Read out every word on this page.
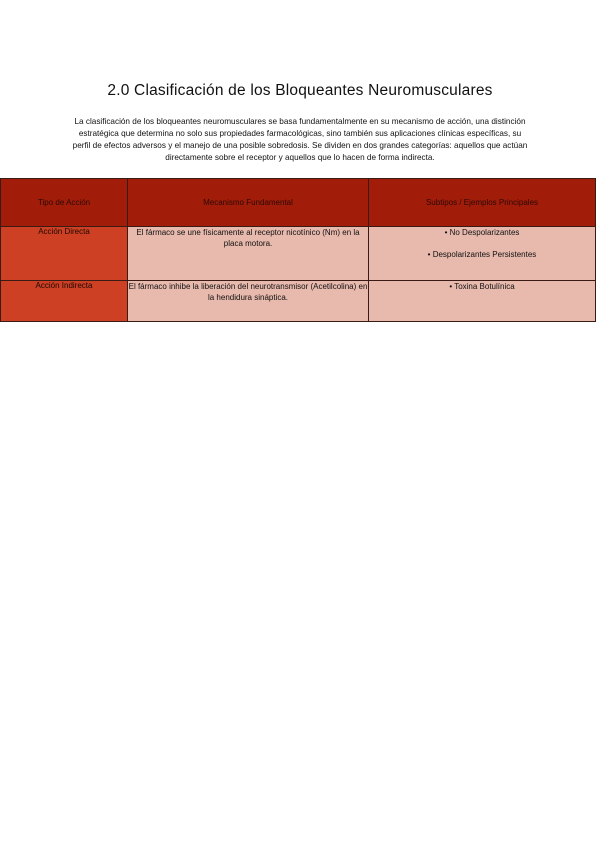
2.0 Clasificación de los Bloqueantes Neuromusculares

La clasificación de los bloqueantes neuromusculares se basa fundamentalmente en su mecanismo de acción, una distinción estratégica que determina no solo sus propiedades farmacológicas, sino también sus aplicaciones clínicas específicas, su perfil de efectos adversos y el manejo de una posible sobredosis. Se dividen en dos grandes categorías: aquellos que actúan directamente sobre el receptor y aquellos que lo hacen de forma indirecta.

Tipo de Acción	Mecanismo Fundamental	Subtipos / Ejemplos Principales
Acción Directa	El fármaco se une físicamente al receptor nicotínico (Nm) en la placa motora.	• No Despolarizantes
• Despolarizantes Persistentes

Acción Indirecta	El fármaco inhibe la liberación del neurotransmisor (Acetilcolina) en la hendidura sináptica.	• Toxina Botulínica
